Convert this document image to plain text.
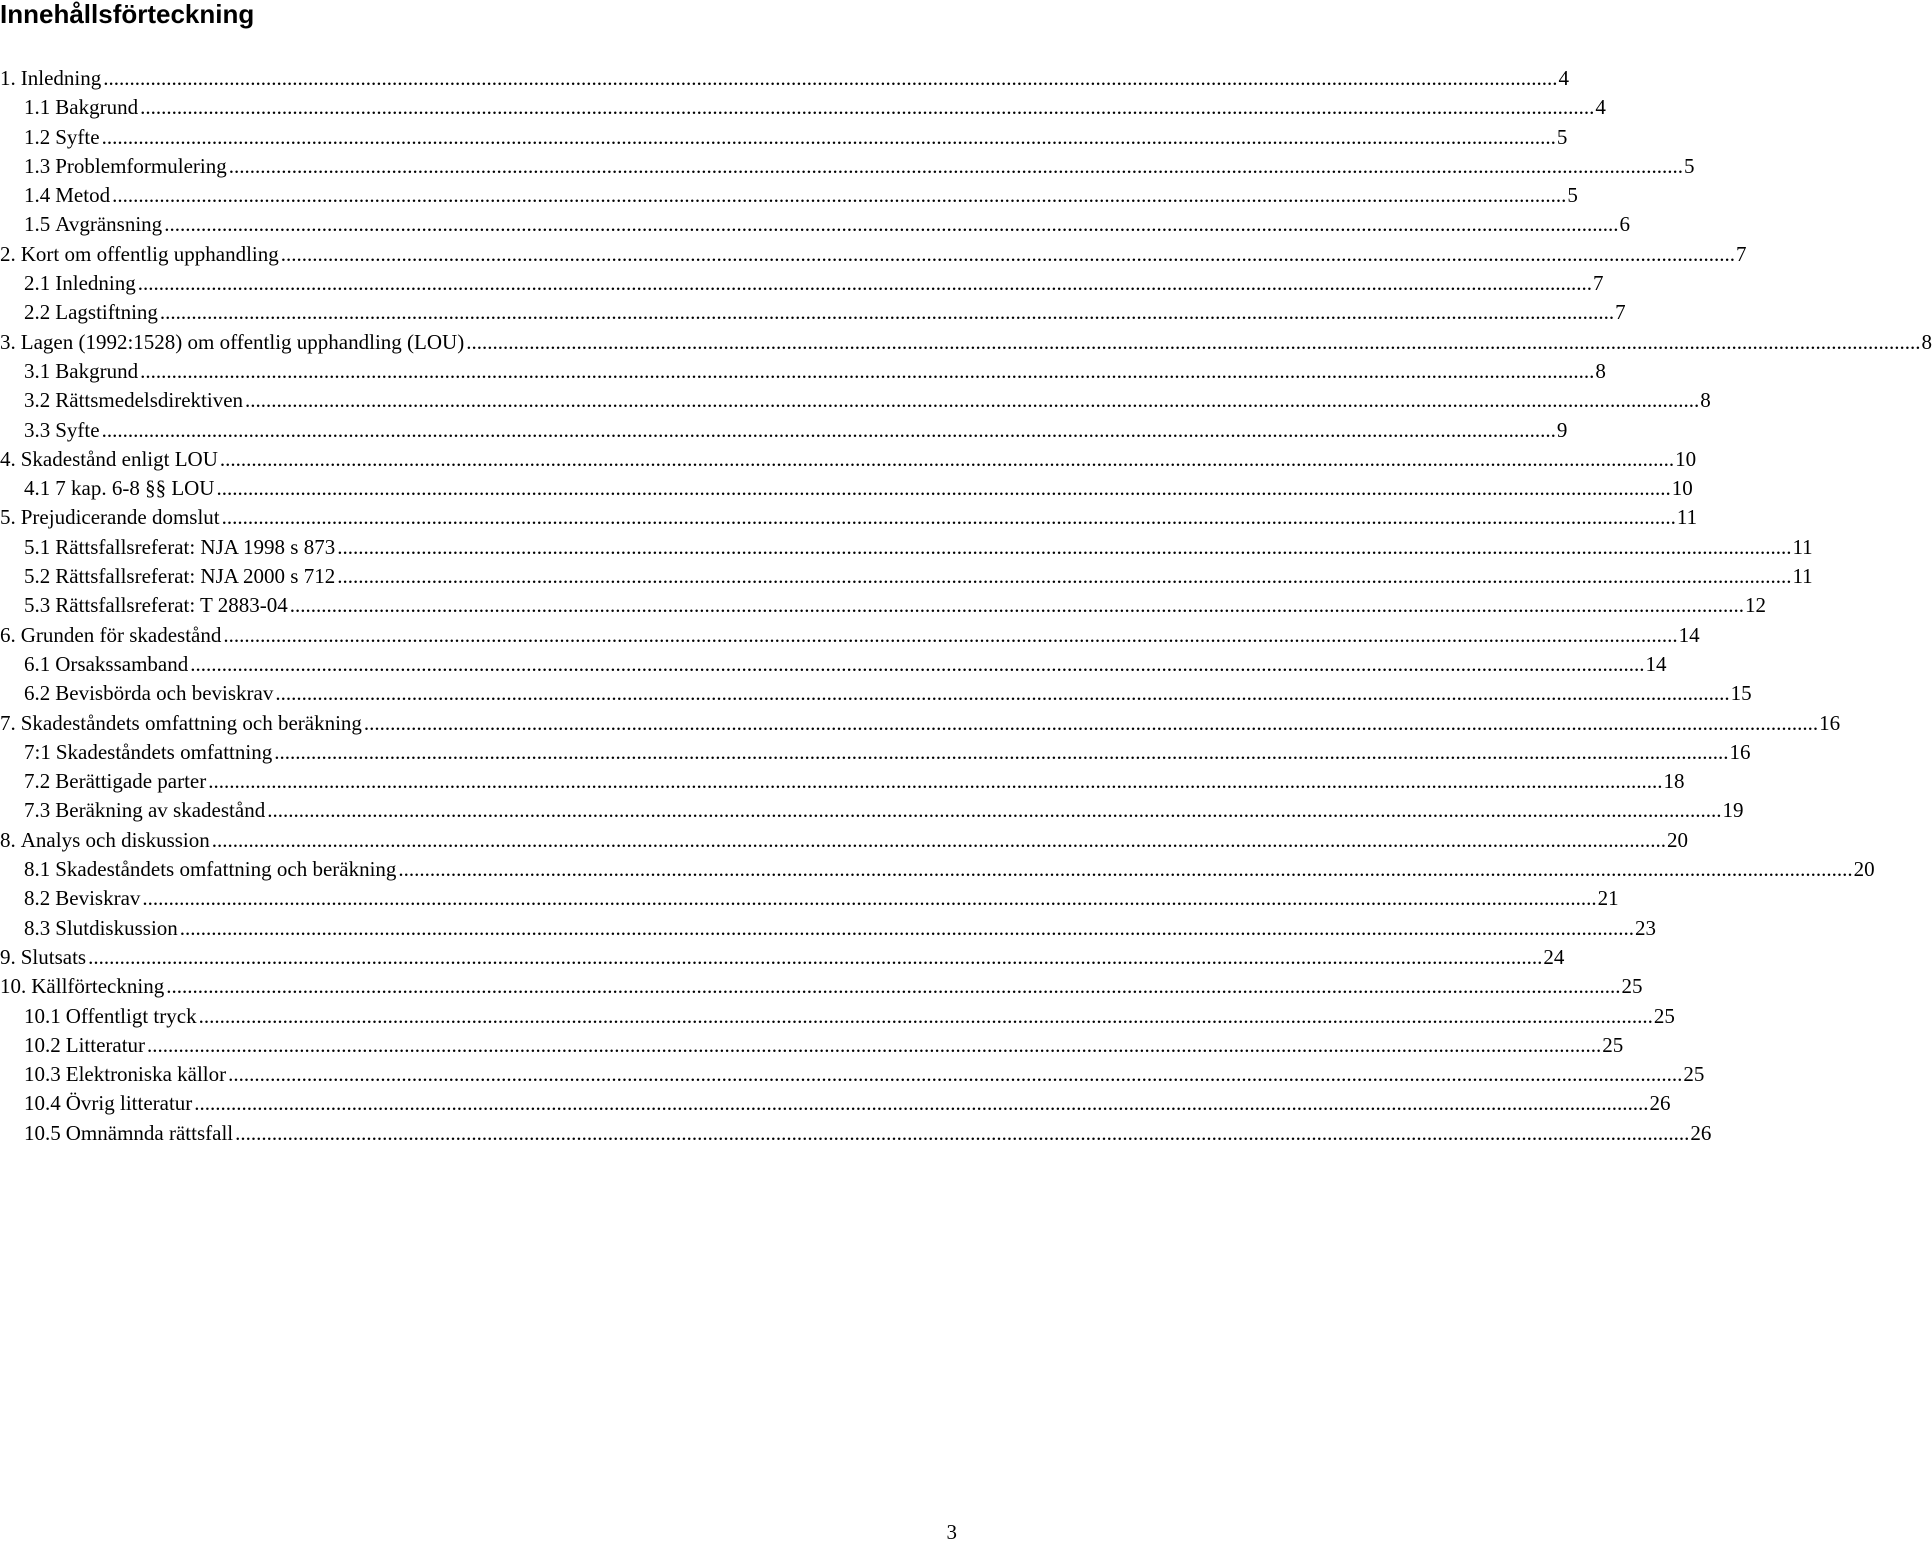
Innehållsförteckning
1. Inledning .....	4
1.1 Bakgrund .....	4
1.2 Syfte .....	5
1.3 Problemformulering .....	5
1.4 Metod .....	5
1.5 Avgränsning .....	6
2. Kort om offentlig upphandling .....	7
2.1 Inledning .....	7
2.2 Lagstiftning .....	7
3. Lagen (1992:1528) om offentlig upphandling (LOU) .....	8
3.1 Bakgrund .....	8
3.2 Rättsmedelsdirektiven .....	8
3.3 Syfte .....	9
4. Skadestånd enligt LOU .....	10
4.1 7 kap. 6-8 §§ LOU .....	10
5. Prejudicerande domslut .....	11
5.1 Rättsfallsreferat: NJA 1998 s 873 .....	11
5.2 Rättsfallsreferat: NJA 2000 s 712 .....	11
5.3 Rättsfallsreferat: T 2883-04 .....	12
6. Grunden för skadestånd .....	14
6.1 Orsakssamband .....	14
6.2 Bevisbörda och beviskrav .....	15
7. Skadeståndets omfattning och beräkning .....	16
7:1 Skadeståndets omfattning .....	16
7.2 Berättigade parter .....	18
7.3 Beräkning av skadestånd .....	19
8. Analys och diskussion .....	20
8.1 Skadeståndets omfattning och beräkning .....	20
8.2 Beviskrav .....	21
8.3 Slutdiskussion .....	23
9. Slutsats .....	24
10. Källförteckning .....	25
10.1 Offentligt tryck .....	25
10.2 Litteratur .....	25
10.3 Elektroniska källor .....	25
10.4 Övrig litteratur .....	26
10.5 Omnämnda rättsfall .....	26
3
